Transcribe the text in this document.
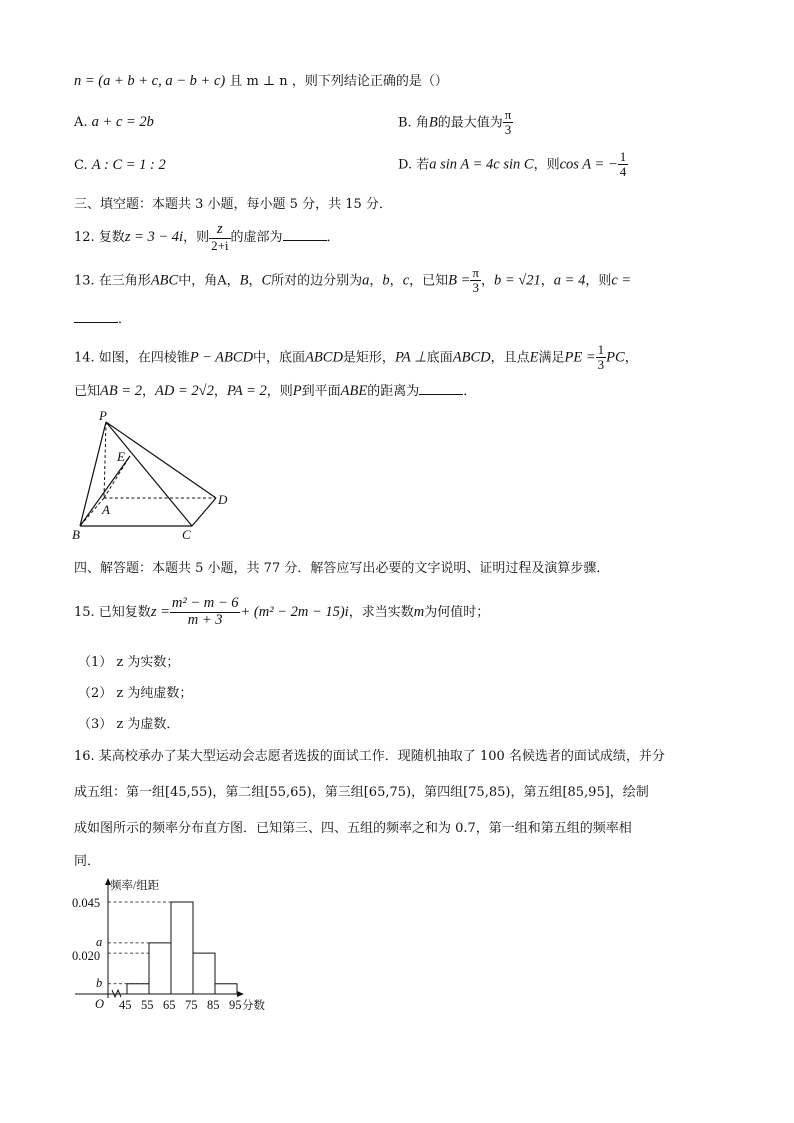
n = (a + b + c, a − b + c) 且 m ⊥ n ，则下列结论正确的是（）
A. a + c = 2b	B. 角B的最大值为 $\frac{\pi}{3}$
C. A : C = 1 : 2	D. 若a sin A = 4c sin C，则cos A = − $\frac{1}{4}$
三、填空题：本题共 3 小题，每小题 5 分，共 15 分．
12. 复数z = 3 − 4i，则 $\frac{z}{2+i}$ 的虚部为	．
13. 在三角形ABC中，角A，B，C所对的边分别为a，b，c，已知$B = \frac{\pi}{3}$ ，b = √21，a = 4，则c =
．
14. 如图，在四棱锥P − ABCD中，底面ABCD是矩形，PA ⊥底面ABCD，且点E满足PE = $\frac{1}{3}$ PC，
已知AB = 2，AD = 2√2，PA = 2，则P到平面ABE的距离为	．
P
E
A
B	C
D
四、解答题：本题共 5 小题，共 77 分．解答应写出必要的文字说明、证明过程及演算步骤．
15. 已知复数$z = \frac{\text{m² − m − 6}}{m + 3} + (m^2 - 2m - 15)i$，求当实数m为何值时；
（1） z 为实数；
（2） z 为纯虚数；
（3） z 为虚数．
16. 某高校承办了某大型运动会志愿者选拔的面试工作．现随机抽取了 100 名候选者的面试成绩，并分
成五组：第一组[45,55)，第二组[55,65)，第三组[65,75)，第四组[75,85)，第五组[85,95]，绘制
成如图所示的频率分布直方图．已知第三、四、五组的频率之和为 0.7，第一组和第五组的频率相
同．
频率/组距
0.045
a
0.020
b
O	分数
45 55 65 75 85 95
